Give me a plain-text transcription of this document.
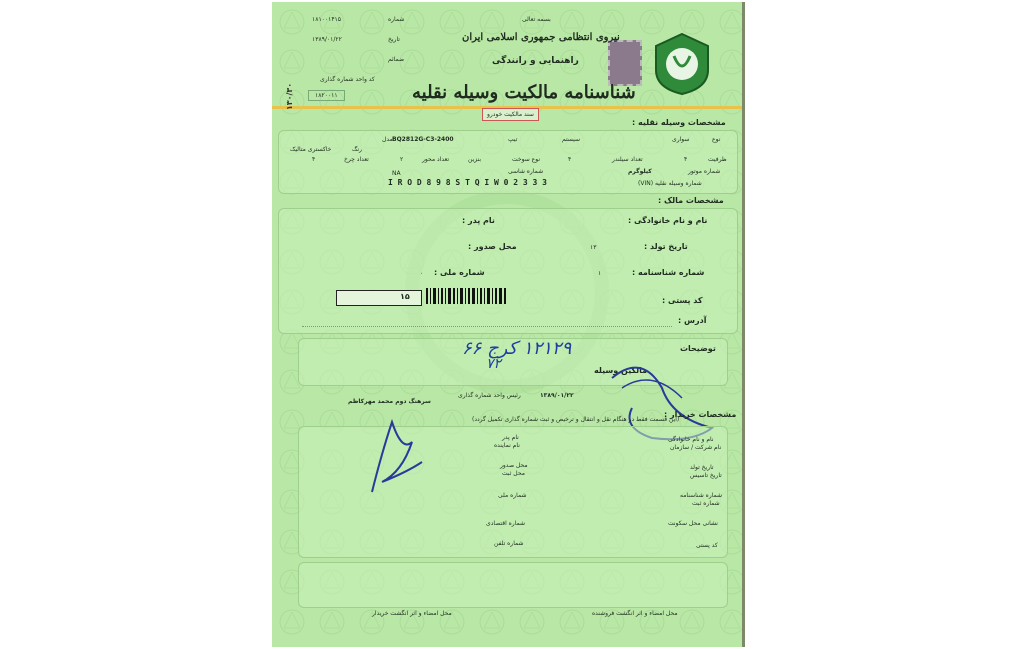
نیروی انتظامی جمهوری اسلامی ایران
بسمه تعالی
راهنمایی و رانندگی
شناسنامه مالکیت وسیله نقلیه
سند مالکیت خودرو
شماره
۱۸۱۰۰۱۴۱۵
تاریخ
۱۳۸۹/۰۱/۲۲
ضمائم
کد واحد شماره گذاری
۱۸۲۰۰۱۱
۱۳۰/۳۰
مشخصات وسیله نقلیه :
نوع
سواری
سیستم
تیپ
BQ2812G-C3-2400
مدل
رنگ
خاکستری متالیک
ظرفیت
۴
تعداد سیلندر
۴
نوع سوخت
بنزین
تعداد محور
۲
تعداد چرخ
۴
شماره موتور
کیلوگرم
شماره شاسی
NA
شماره وسیله نقلیه (VIN)
I R O D 8 9 8 S T Q I W 0 2 3 3 3
مشخصات مالک :
نام و نام خانوادگی :
نام پدر :
تاریخ تولد :
۱۳
محل صدور :
شماره شناسنامه :
۱
شماره ملی :
۰
کد پستی :
۱۵
آدرس :
توضیحات
۱۲۱۲۹ کرج ۶۶
۷۲	مالکین وسیله
۱۳۸۹/۰۱/۲۲
رئیس واحد شماره گذاری
سرهنگ دوم محمد مهرکاظم
مشخصات خریدار :
(این قسمت فقط در هنگام نقل و انتقال و ترخیص و ثبت شماره گذاری تکمیل گردد)
نام و نام خانوادگی
نام شرکت / سازمان
تاریخ تولد
تاریخ تاسیس
شماره شناسنامه
شماره ثبت
نشانی محل سکونت
کد پستی
نام پدر
نام نماینده
محل صدور
محل ثبت
شماره ملی
شماره اقتصادی
شماره تلفن
محل امضاء و اثر انگشت فروشنده
محل امضاء و اثر انگشت خریدار
